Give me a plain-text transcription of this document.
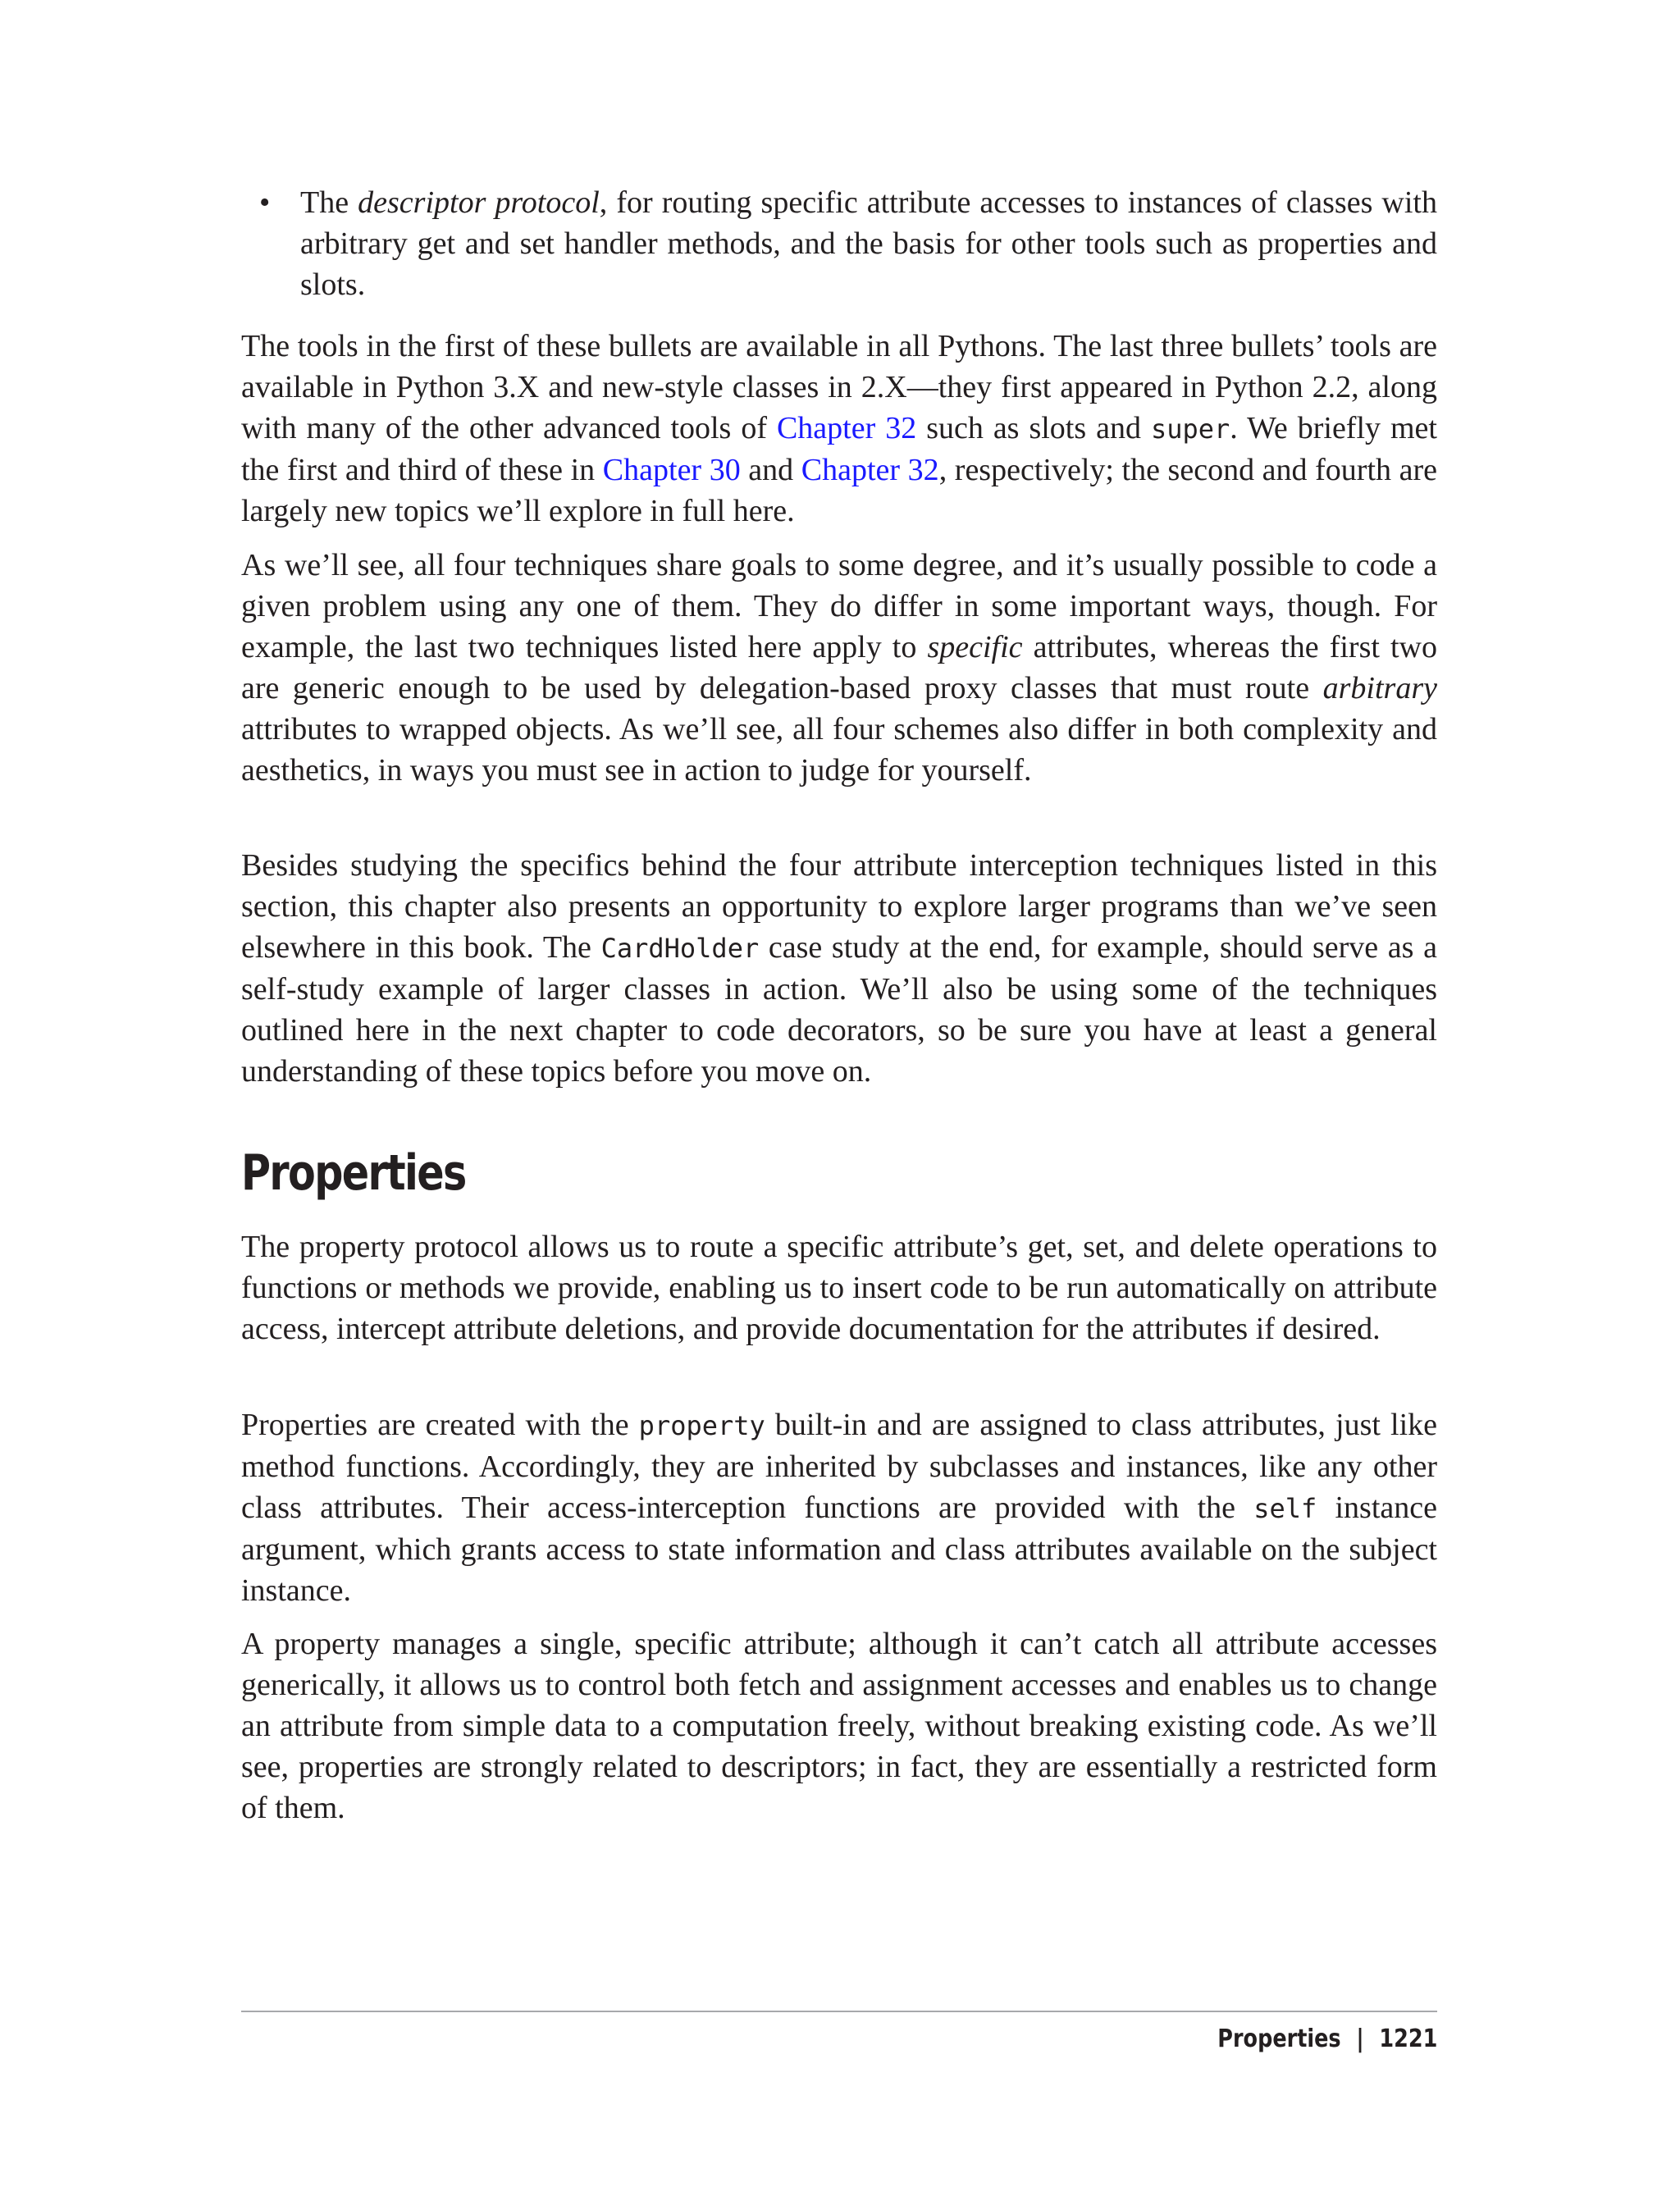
• The descriptor protocol, for routing specific attribute accesses to instances of classes with arbitrary get and set handler methods, and the basis for other tools such as properties and slots.

The tools in the first of these bullets are available in all Pythons. The last three bullets’ tools are available in Python 3.X and new-style classes in 2.X—they first appeared in Python 2.2, along with many of the other advanced tools of Chapter 32 such as slots and super. We briefly met the first and third of these in Chapter 30 and Chapter 32, respectively; the second and fourth are largely new topics we’ll explore in full here.

As we’ll see, all four techniques share goals to some degree, and it’s usually possible to code a given problem using any one of them. They do differ in some important ways, though. For example, the last two techniques listed here apply to specific attributes, whereas the first two are generic enough to be used by delegation-based proxy classes that must route arbitrary attributes to wrapped objects. As we’ll see, all four schemes also differ in both complexity and aesthetics, in ways you must see in action to judge for yourself.

Besides studying the specifics behind the four attribute interception techniques listed in this section, this chapter also presents an opportunity to explore larger programs than we’ve seen elsewhere in this book. The CardHolder case study at the end, for example, should serve as a self-study example of larger classes in action. We’ll also be using some of the techniques outlined here in the next chapter to code decorators, so be sure you have at least a general understanding of these topics before you move on.

Properties

The property protocol allows us to route a specific attribute’s get, set, and delete operations to functions or methods we provide, enabling us to insert code to be run automatically on attribute access, intercept attribute deletions, and provide documentation for the attributes if desired.

Properties are created with the property built-in and are assigned to class attributes, just like method functions. Accordingly, they are inherited by subclasses and instances, like any other class attributes. Their access-interception functions are provided with the self instance argument, which grants access to state information and class attributes available on the subject instance.

A property manages a single, specific attribute; although it can’t catch all attribute accesses generically, it allows us to control both fetch and assignment accesses and enables us to change an attribute from simple data to a computation freely, without breaking existing code. As we’ll see, properties are strongly related to descriptors; in fact, they are essentially a restricted form of them.

Properties | 1221
